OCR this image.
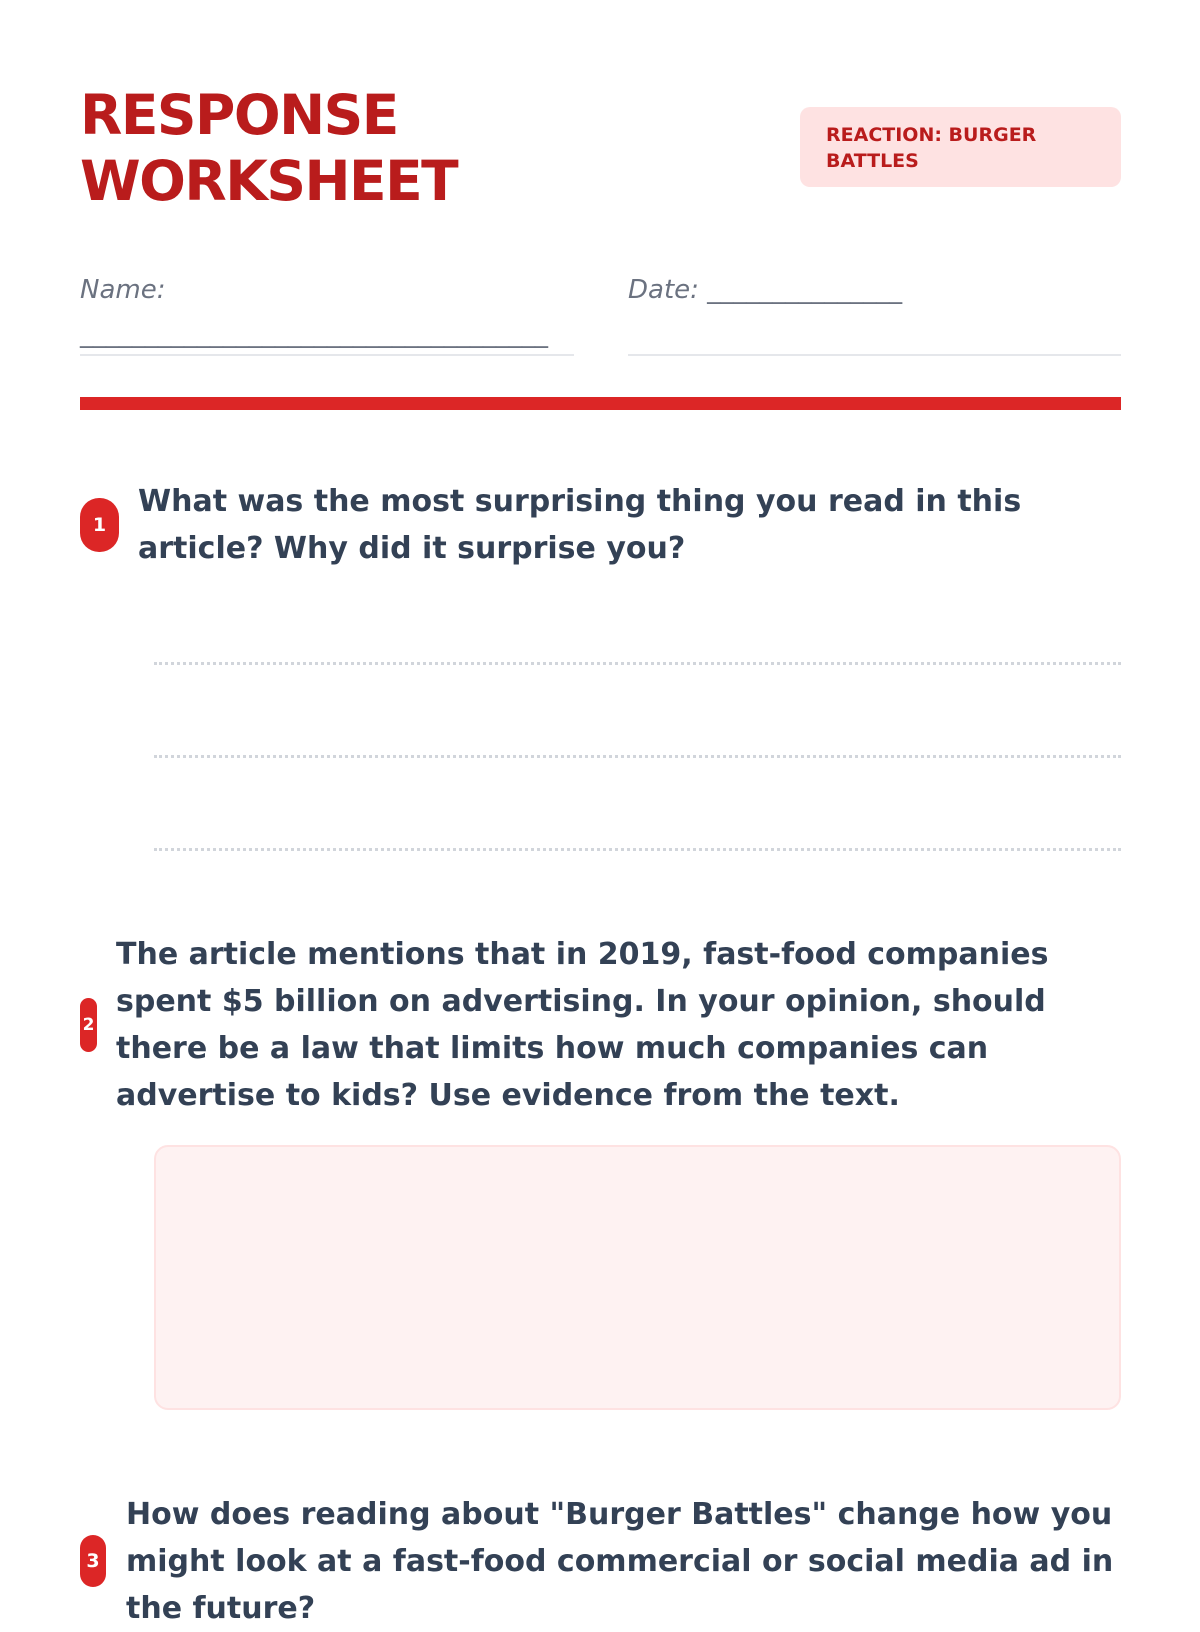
RESPONSE
WORKSHEET
REACTION: BURGER BATTLES
Name: ____________________________________
Date: _______________
1

What was the most surprising thing you read in this article? Why did it surprise you?

2

The article mentions that in 2019, fast-food companies spent $5 billion on advertising. In your opinion, should there be a law that limits how much companies can advertise to kids? Use evidence from the text.

3

How does reading about "Burger Battles" change how you might look at a fast-food commercial or social media ad in the future?
